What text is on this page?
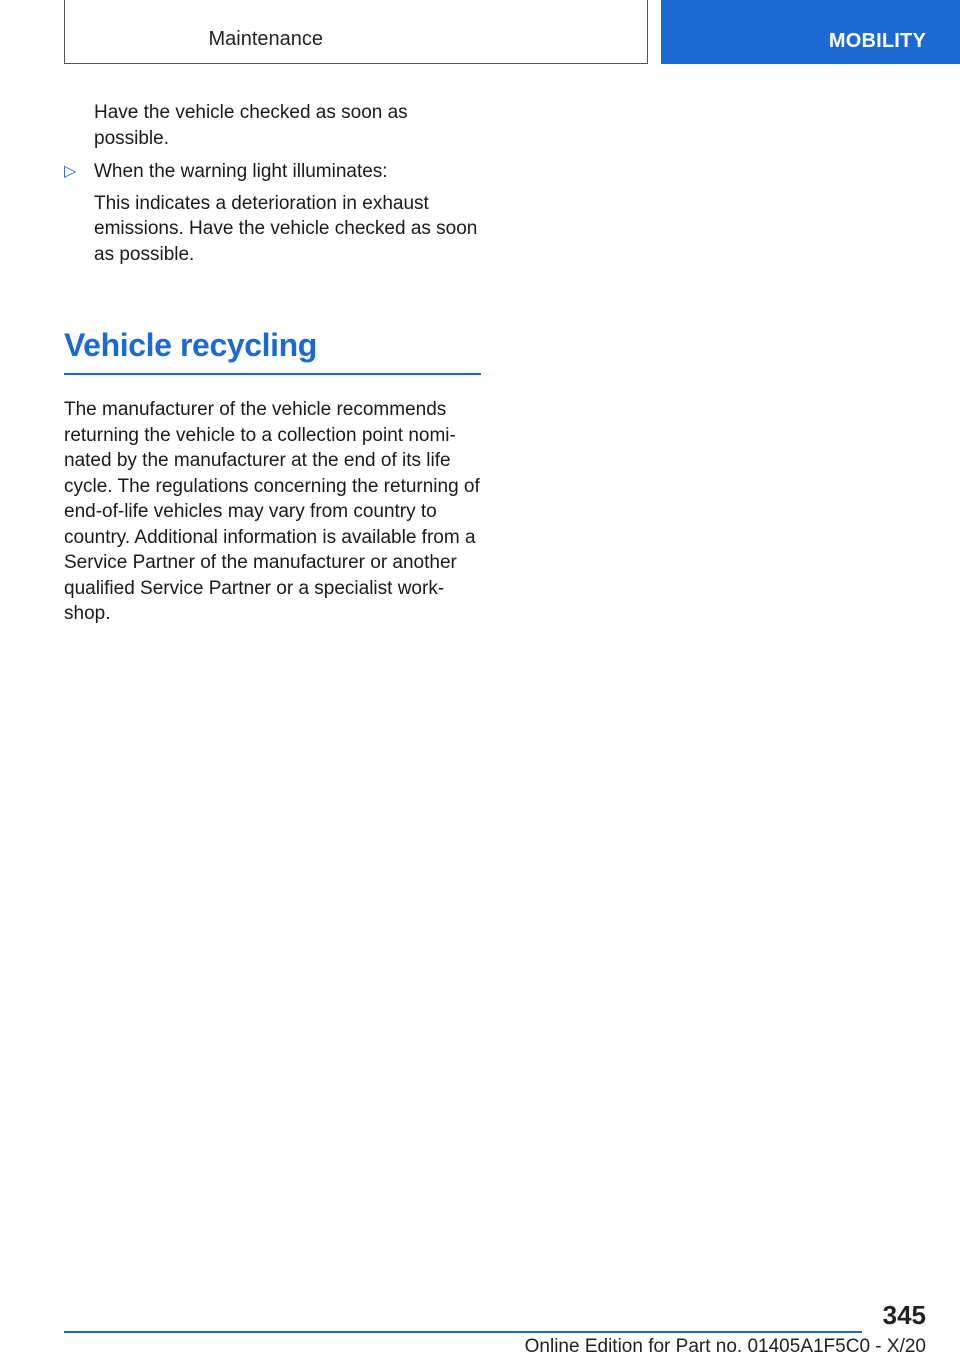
Maintenance	MOBILITY

Have the vehicle checked as soon as possible.

▷ When the warning light illuminates:

This indicates a deterioration in exhaust emissions. Have the vehicle checked as soon as possible.

Vehicle recycling

The manufacturer of the vehicle recommends returning the vehicle to a collection point nomi-nated by the manufacturer at the end of its life cycle. The regulations concerning the returning of end-of-life vehicles may vary from country to country. Additional information is available from a Service Partner of the manufacturer or another qualified Service Partner or a specialist work-shop.

345
Online Edition for Part no. 01405A1F5C0 - X/20
